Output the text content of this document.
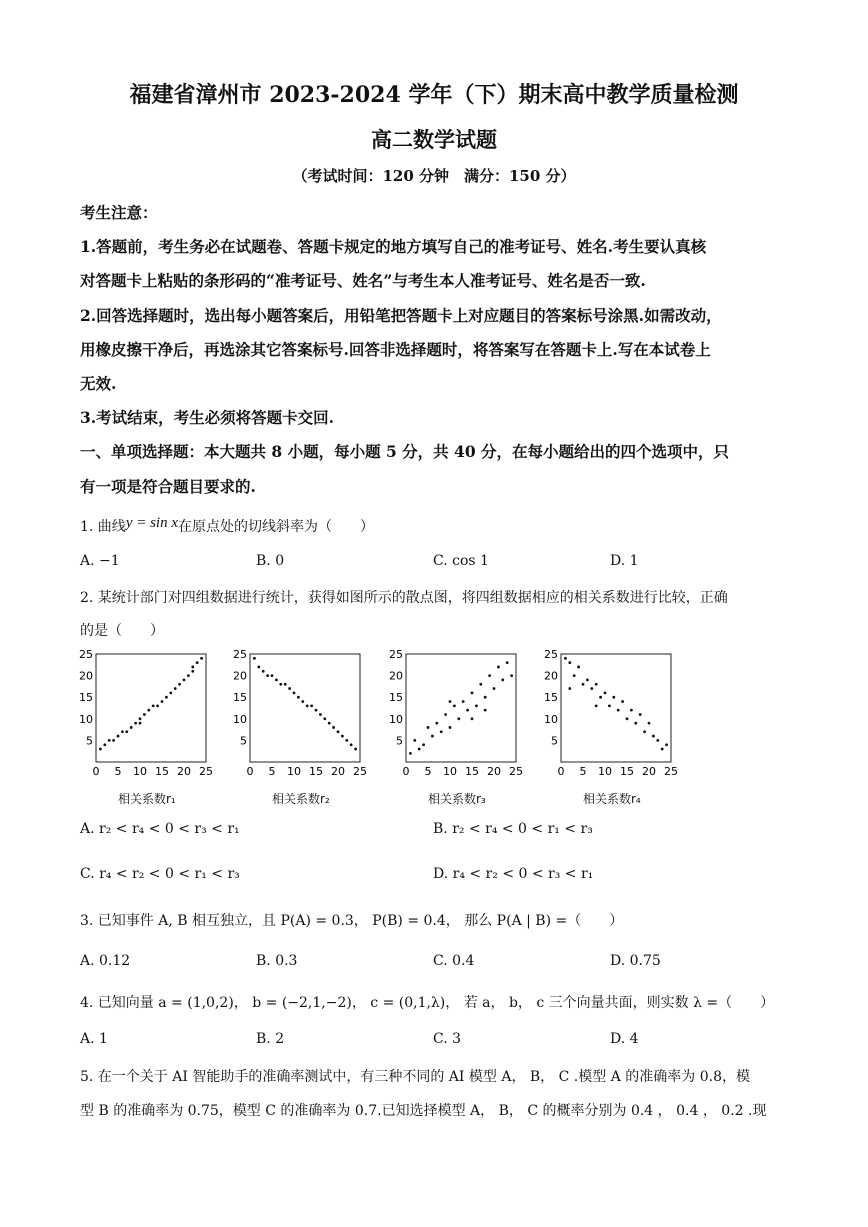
福建省漳州市 2023-2024 学年（下）期末高中教学质量检测
高二数学试题
（考试时间：120 分钟　满分：150 分）
考生注意：
1.答题前，考生务必在试题卷、答题卡规定的地方填写自己的准考证号、姓名.考生要认真核
对答题卡上粘贴的条形码的“准考证号、姓名”与考生本人准考证号、姓名是否一致.
2.回答选择题时，选出每小题答案后，用铅笔把答题卡上对应题目的答案标号涂黑.如需改动，
用橡皮擦干净后，再选涂其它答案标号.回答非选择题时，将答案写在答题卡上.写在本试卷上
无效.
3.考试结束，考生必须将答题卡交回.
一、单项选择题：本大题共 8 小题，每小题 5 分，共 40 分，在每小题给出的四个选项中，只
有一项是符合题目要求的.
1. 曲线y = sin x在原点处的切线斜率为（　　）
A. −1	B. 0	C. cos 1	D. 1
2. 某统计部门对四组数据进行统计，获得如图所示的散点图，将四组数据相应的相关系数进行比较，正确
的是（　　）
0 5 10 15 20 25
5
10
15
20
25
相关系数r₁
0 5 10 15 20 25
5
10
15
20
25
相关系数r₂
0 5 10 15 20 25
5
10
15
20
25
相关系数r₃
0 5 10 15 20 25
5
10
15
20
25
相关系数r₄
A. r₂ < r₄ < 0 < r₃ < r₁	B. r₂ < r₄ < 0 < r₁ < r₃
C. r₄ < r₂ < 0 < r₁ < r₃	D. r₄ < r₂ < 0 < r₃ < r₁
3. 已知事件 A, B 相互独立，且 P(A) = 0.3， P(B) = 0.4， 那么 P(A | B) =（　　）
A. 0.12	B. 0.3	C. 0.4	D. 0.75
4. 已知向量 a = (1,0,2)， b = (−2,1,−2)， c = (0,1,λ)， 若 a， b， c 三个向量共面，则实数 λ =（　　）
A. 1	B. 2	C. 3	D. 4
5. 在一个关于 AI 智能助手的准确率测试中，有三种不同的 AI 模型 A， B， C .模型 A 的准确率为 0.8，模
型 B 的准确率为 0.75，模型 C 的准确率为 0.7.已知选择模型 A， B， C 的概率分别为 0.4 ， 0.4 ， 0.2 .现
